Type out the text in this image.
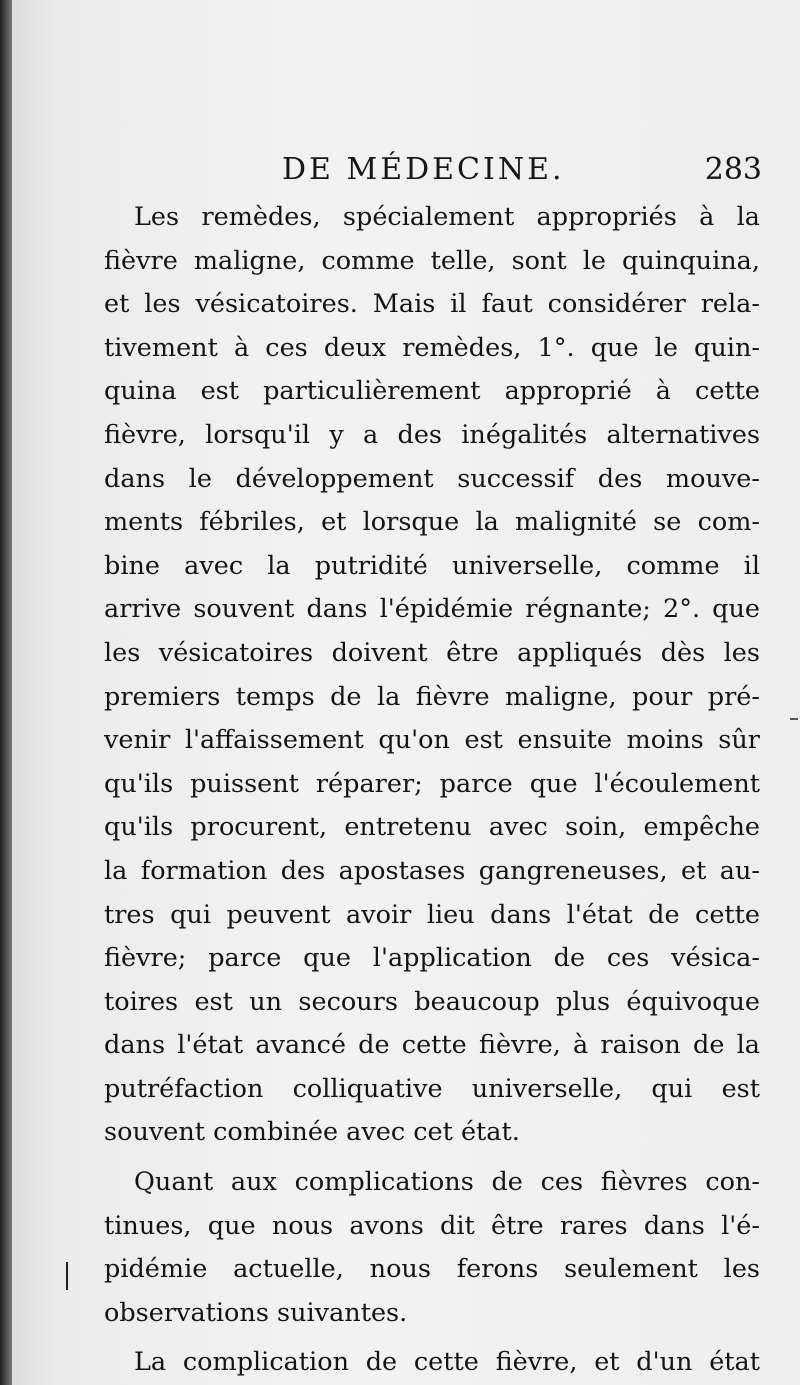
DE MÉDECINE.	283
Les remèdes, spécialement appropriés à la
fièvre maligne, comme telle, sont le quinquina,
et les vésicatoires. Mais il faut considérer rela-
tivement à ces deux remèdes, 1°. que le quin-
quina est particulièrement approprié à cette
fièvre, lorsqu'il y a des inégalités alternatives
dans le développement successif des mouve-
ments fébriles, et lorsque la malignité se com-
bine avec la putridité universelle, comme il
arrive souvent dans l'épidémie régnante; 2°. que
les vésicatoires doivent être appliqués dès les
premiers temps de la fièvre maligne, pour pré-
venir l'affaissement qu'on est ensuite moins sûr
qu'ils puissent réparer; parce que l'écoulement
qu'ils procurent, entretenu avec soin, empêche
la formation des apostases gangreneuses, et au-
tres qui peuvent avoir lieu dans l'état de cette
fièvre; parce que l'application de ces vésica-
toires est un secours beaucoup plus équivoque
dans l'état avancé de cette fièvre, à raison de la
putréfaction colliquative universelle, qui est
souvent combinée avec cet état.
Quant aux complications de ces fièvres con-
tinues, que nous avons dit être rares dans l'é-
pidémie actuelle, nous ferons seulement les
observations suivantes.
La complication de cette fièvre, et d'un état
